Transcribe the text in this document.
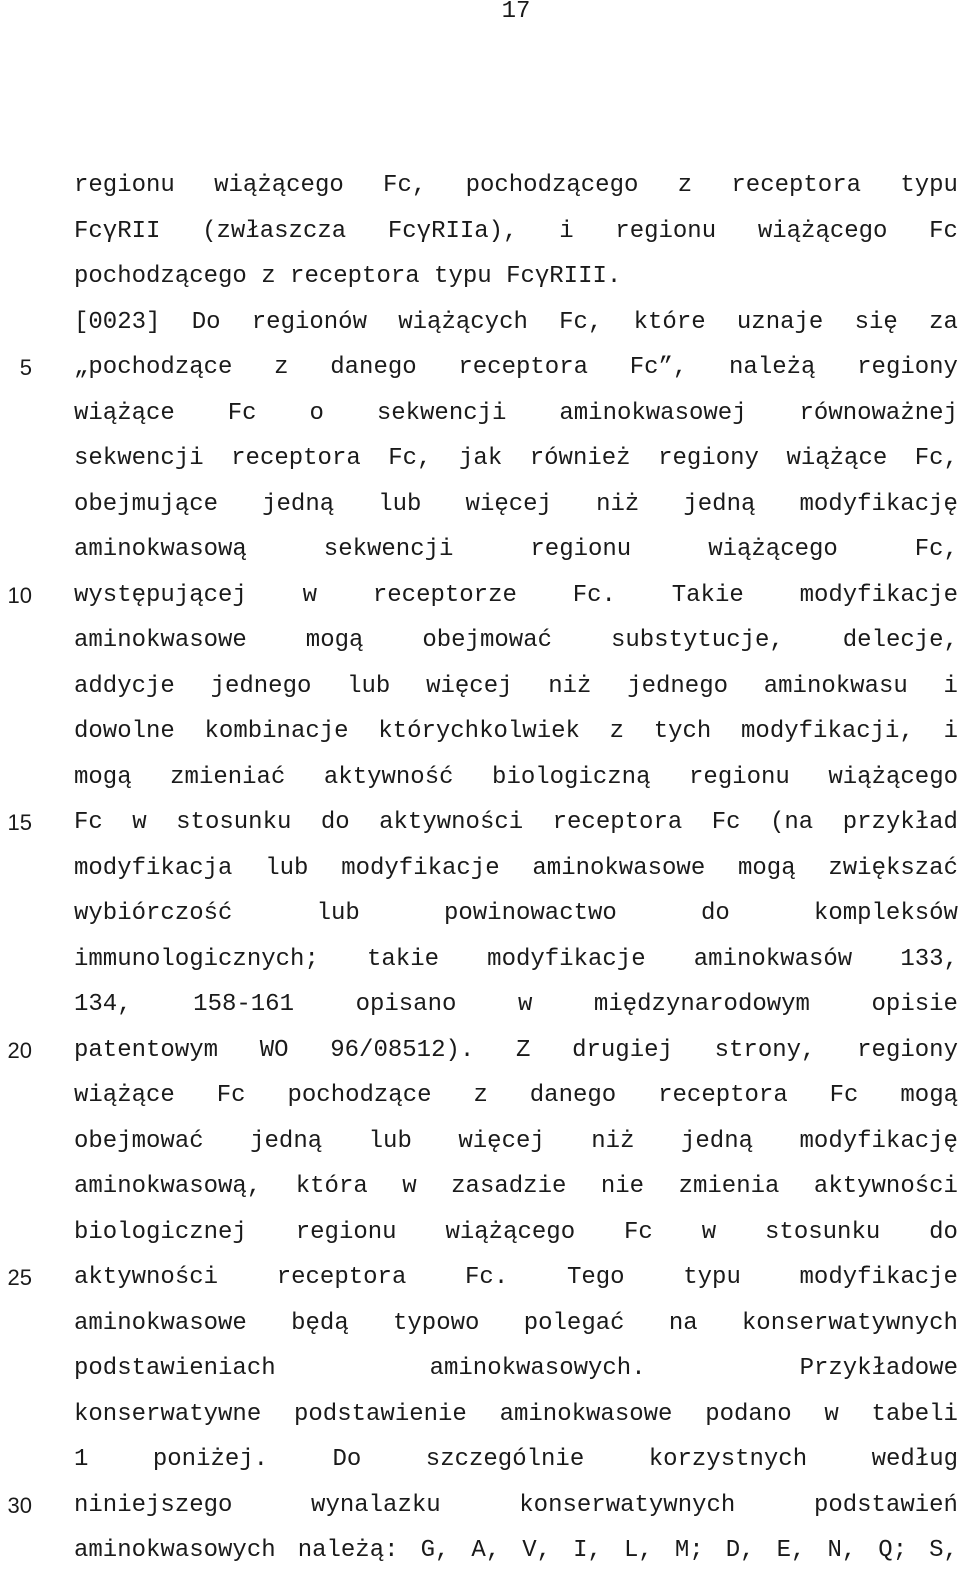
17
5
10
15
20
25
30
regionu wiążącego Fc, pochodzącego z receptora typu
FcγRII (zwłaszcza FcγRIIa), i regionu wiążącego Fc
pochodzącego z receptora typu FcγRIII.
[0023] Do regionów wiążących Fc, które uznaje się za
„pochodzące z danego receptora Fc”, należą regiony
wiążące Fc o sekwencji aminokwasowej równoważnej
sekwencji receptora Fc, jak również regiony wiążące Fc,
obejmujące jedną lub więcej niż jedną modyfikację
aminokwasową	sekwencji	regionu	wiążącego	Fc,
występującej w receptorze Fc. Takie modyfikacje
aminokwasowe mogą obejmować substytucje, delecje,
addycje jednego lub więcej niż jednego aminokwasu i
dowolne kombinacje którychkolwiek z tych modyfikacji, i
mogą zmieniać aktywność biologiczną regionu wiążącego
Fc w stosunku do aktywności receptora Fc (na przykład
modyfikacja lub modyfikacje aminokwasowe mogą zwiększać
wybiórczość	lub	powinowactwo	do	kompleksów
immunologicznych; takie modyfikacje aminokwasów 133,
134,	158-161	opisano	w	międzynarodowym	opisie
patentowym WO 96/08512). Z drugiej strony, regiony
wiążące Fc pochodzące z danego receptora Fc mogą
obejmować jedną lub więcej niż jedną modyfikację
aminokwasową, która w zasadzie nie zmienia aktywności
biologicznej regionu wiążącego Fc w stosunku do
aktywności receptora Fc. Tego typu modyfikacje
aminokwasowe będą typowo polegać na konserwatywnych
podstawieniach	aminokwasowych.	Przykładowe
konserwatywne podstawienie aminokwasowe podano w tabeli
1	poniżej.	Do	szczególnie	korzystnych	według
niniejszego	wynalazku	konserwatywnych	podstawień
aminokwasowych należą: G, A, V, I, L, M; D, E, N, Q; S,
